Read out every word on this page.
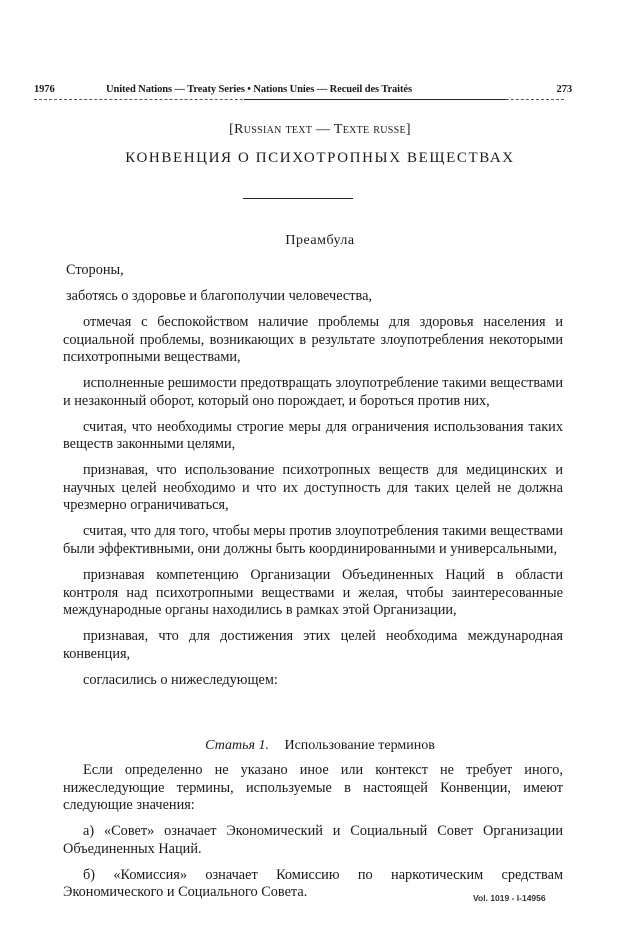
1976	United Nations — Treaty Series • Nations Unies — Recueil des Traités	273
[Russian text — Texte russe]
КОНВЕНЦИЯ О ПСИХОТРОПНЫХ ВЕЩЕСТВАХ
Преамбула

Стороны,

заботясь о здоровье и благополучии человечества,

отмечая с беспокойством наличие проблемы для здоровья населения и социальной проблемы, возникающих в результате злоупотребления некоторыми психотропными веществами,

исполненные решимости предотвращать злоупотребление такими веществами и незаконный оборот, который оно порождает, и бороться против них,

считая, что необходимы строгие меры для ограничения использования таких веществ законными целями,

признавая, что использование психотропных веществ для медицинских и научных целей необходимо и что их доступность для таких целей не должна чрезмерно ограничиваться,

считая, что для того, чтобы меры против злоупотребления такими веществами были эффективными, они должны быть координированными и универсальными,

признавая компетенцию Организации Объединенных Наций в области контроля над психотропными веществами и желая, чтобы заинтересованные международные органы находились в рамках этой Организации,

признавая, что для достижения этих целей необходима международная конвенция,

согласились о нижеследующем:

Статья 1. Использование терминов

Если определенно не указано иное или контекст не требует иного, нижеследующие термины, используемые в настоящей Конвенции, имеют следующие значения:

а) «Совет» означает Экономический и Социальный Совет Организации Объединенных Наций.

б) «Комиссия» означает Комиссию по наркотическим средствам Экономического и Социального Совета.	Vol. 1019 - I-14956
